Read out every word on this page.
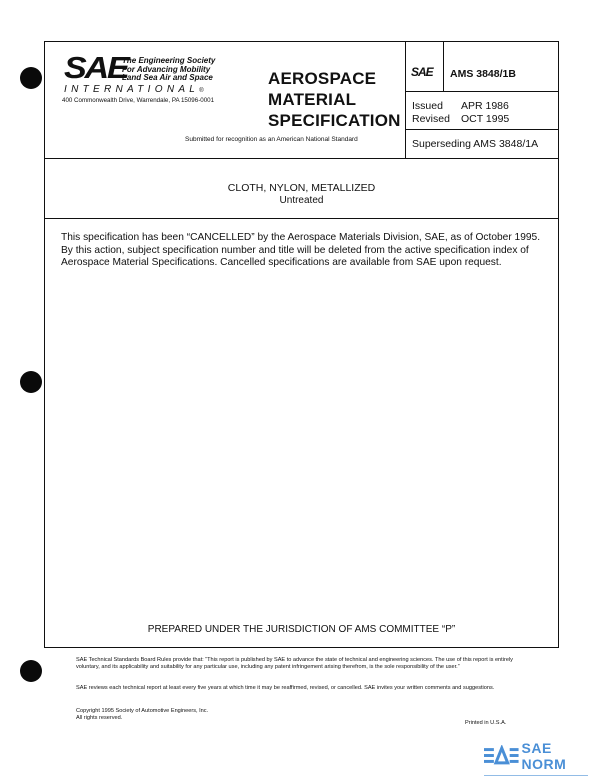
SAE
The Engineering Society
For Advancing Mobility
Land Sea Air and Space
INTERNATIONAL®
400 Commonwealth Drive, Warrendale, PA 15096-0001
AEROSPACE
MATERIAL
SPECIFICATION
Submitted for recognition as an American National Standard
SAE AMS 3848/1B
Issued APR 1986
Revised OCT 1995
Superseding AMS 3848/1A
CLOTH, NYLON, METALLIZED
Untreated
This specification has been “CANCELLED” by the Aerospace Materials Division, SAE, as of October 1995. By this action, subject specification number and title will be deleted from the active specification index of Aerospace Material Specifications. Cancelled specifications are available from SAE upon request.
PREPARED UNDER THE JURISDICTION OF AMS COMMITTEE “P”
SAE Technical Standards Board Rules provide that: “This report is published by SAE to advance the state of technical and engineering sciences. The use of this report is entirely voluntary, and its applicability and suitability for any particular use, including any patent infringement arising therefrom, is the sole responsibility of the user.”
SAE reviews each technical report at least every five years at which time it may be reaffirmed, revised, or cancelled. SAE invites your written comments and suggestions.
Copyright 1995 Society of Automotive Engineers, Inc.
All rights reserved.
Printed in U.S.A.
SAE NORM
